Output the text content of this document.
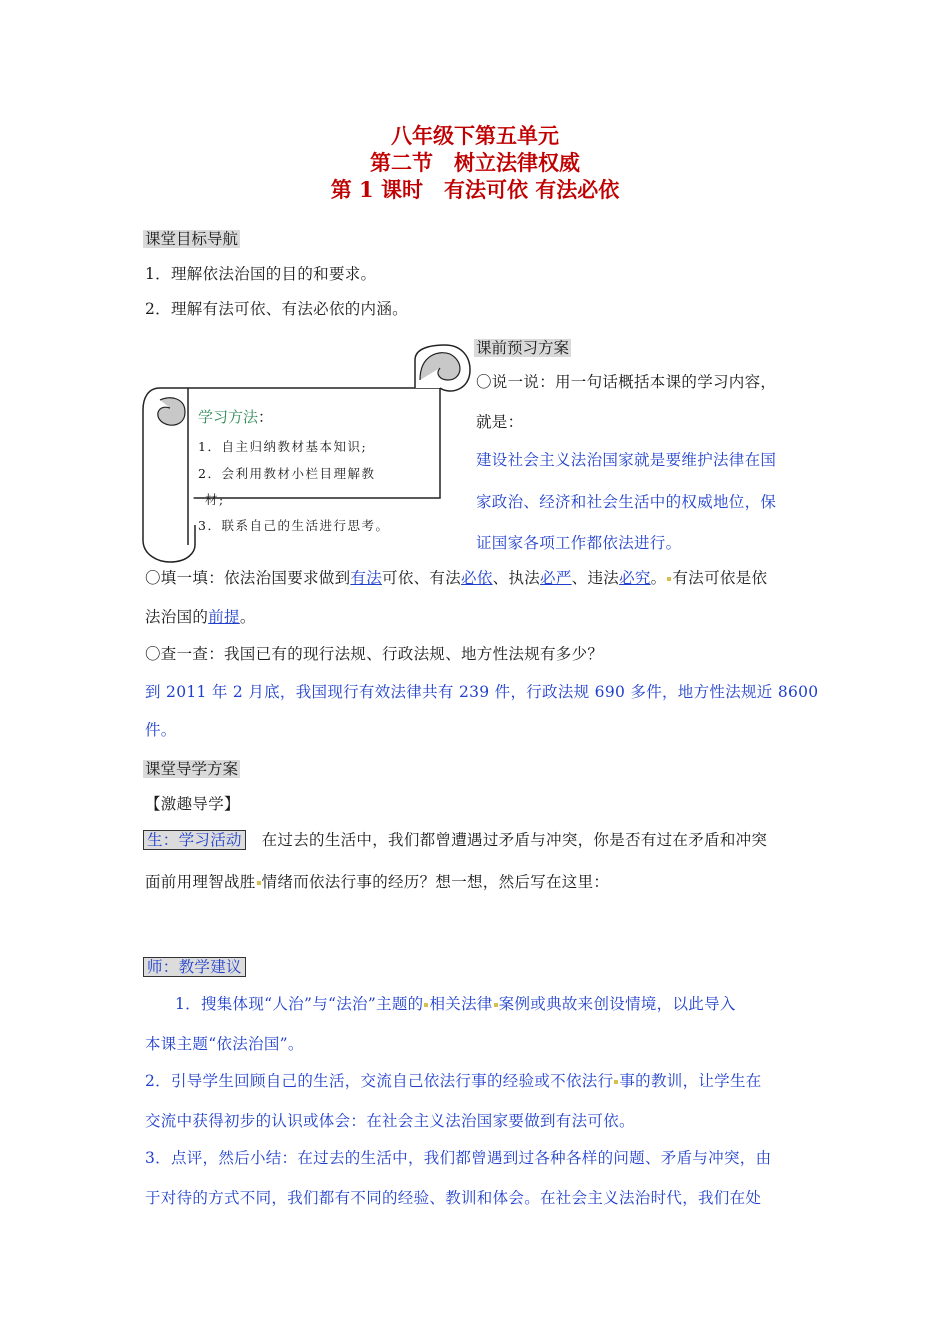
八年级下第五单元
第二节　树立法律权威
第 1 课时　有法可依 有法必依
课堂目标导航
1．理解依法治国的目的和要求。
2．理解有法可依、有法必依的内涵。
学习方法：
1．自主归纳教材基本知识;
2．会利用教材小栏目理解教
材;
3．联系自己的生活进行思考。
课前预习方案
〇说一说：用一句话概括本课的学习内容，
就是：
建设社会主义法治国家就是要维护法律在国
家政治、经济和社会生活中的权威地位，保
证国家各项工作都依法进行。
〇填一填：依法治国要求做到有法可依、有法必依、执法必严、违法必究。 有法可依是依
法治国的前提。
〇查一查：我国已有的现行法规、行政法规、地方性法规有多少？
到 2011 年 2 月底，我国现行有效法律共有 239 件，行政法规 690 多件，地方性法规近 8600
件。
课堂导学方案
【激趣导学】
生：学习活动　在过去的生活中，我们都曾遭遇过矛盾与冲突，你是否有过在矛盾和冲突
面前用理智战胜 情绪而依法行事的经历？想一想，然后写在这里：
师：教学建议
1．搜集体现“人治”与“法治”主题的 相关法律 案例或典故来创设情境，以此导入
本课主题“依法治国”。
2．引导学生回顾自己的生活，交流自己依法行事的经验或不依法行 事的教训，让学生在
交流中获得初步的认识或体会：在社会主义法治国家要做到有法可依。
3．点评，然后小结：在过去的生活中，我们都曾遇到过各种各样的问题、矛盾与冲突，由
于对待的方式不同，我们都有不同的经验、教训和体会。在社会主义法治时代，我们在处
